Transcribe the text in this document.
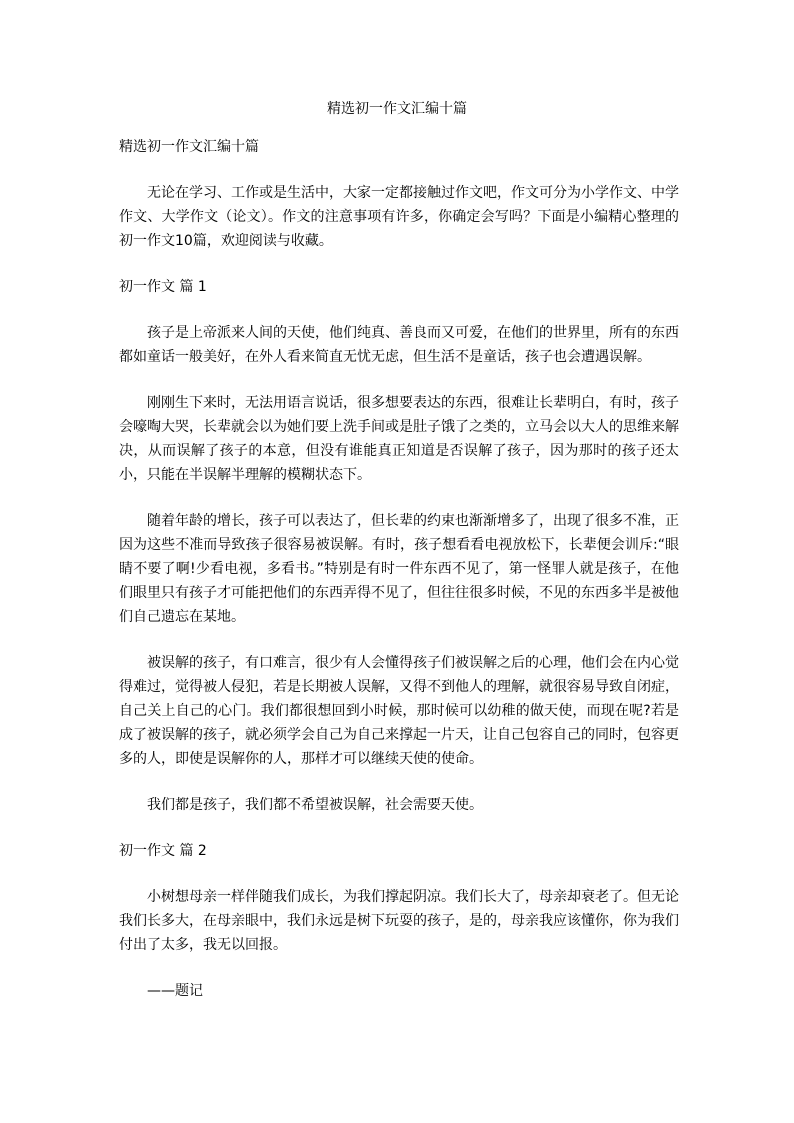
精选初一作文汇编十篇

精选初一作文汇编十篇

无论在学习、工作或是生活中，大家一定都接触过作文吧，作文可分为小学作文、中学作文、大学作文（论文）。作文的注意事项有许多，你确定会写吗？下面是小编精心整理的初一作文10篇，欢迎阅读与收藏。

初一作文 篇 1

孩子是上帝派来人间的天使，他们纯真、善良而又可爱，在他们的世界里，所有的东西都如童话一般美好，在外人看来简直无忧无虑，但生活不是童话，孩子也会遭遇误解。

刚刚生下来时，无法用语言说话，很多想要表达的东西，很难让长辈明白，有时，孩子会嚎啕大哭，长辈就会以为她们要上洗手间或是肚子饿了之类的，立马会以大人的思维来解决，从而误解了孩子的本意，但没有谁能真正知道是否误解了孩子，因为那时的孩子还太小，只能在半误解半理解的模糊状态下。

随着年龄的增长，孩子可以表达了，但长辈的约束也渐渐增多了，出现了很多不准，正因为这些不准而导致孩子很容易被误解。有时，孩子想看看电视放松下，长辈便会训斥:“眼睛不要了啊!少看电视，多看书。”特别是有时一件东西不见了，第一怪罪人就是孩子，在他们眼里只有孩子才可能把他们的东西弄得不见了，但往往很多时候，不见的东西多半是被他们自己遗忘在某地。

被误解的孩子，有口难言，很少有人会懂得孩子们被误解之后的心理，他们会在内心觉得难过，觉得被人侵犯，若是长期被人误解，又得不到他人的理解，就很容易导致自闭症，自己关上自己的心门。我们都很想回到小时候，那时候可以幼稚的做天使，而现在呢?若是成了被误解的孩子，就必须学会自己为自己来撑起一片天，让自己包容自己的同时，包容更多的人，即使是误解你的人，那样才可以继续天使的使命。

我们都是孩子，我们都不希望被误解，社会需要天使。

初一作文 篇 2

小树想母亲一样伴随我们成长，为我们撑起阴凉。我们长大了，母亲却衰老了。但无论我们长多大，在母亲眼中，我们永远是树下玩耍的孩子，是的，母亲我应该懂你，你为我们付出了太多，我无以回报。

——题记
